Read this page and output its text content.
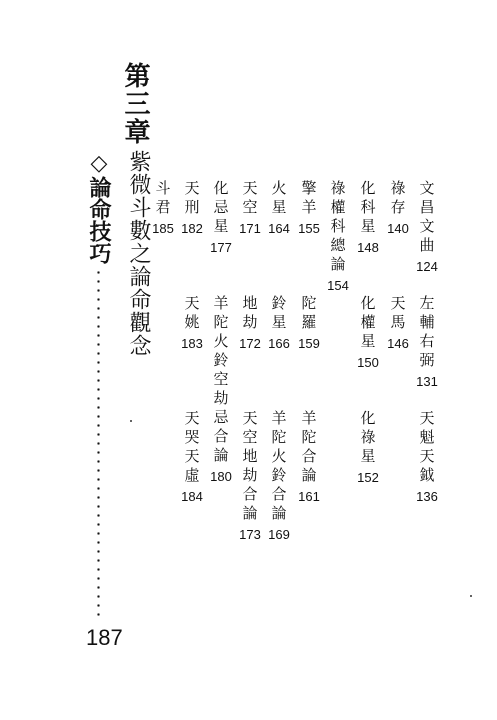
第三章
紫微斗數之論命觀念
◇論命技巧
187
文昌文曲
124
左輔右弼
131
天魁天鉞
136
祿存
140
天馬
146
化科星
148
化權星
150
化祿星
152
祿權科總論
154
擎羊
155
陀羅
159
羊陀合論
161
火星
164
鈴星
166
羊陀火鈴合論
169
天空
171
地劫
172
天空地劫合論
173
化忌星
177
羊陀火鈴空劫忌合論
180
天刑
182
天姚
183
天哭天虛
184
斗君
185
